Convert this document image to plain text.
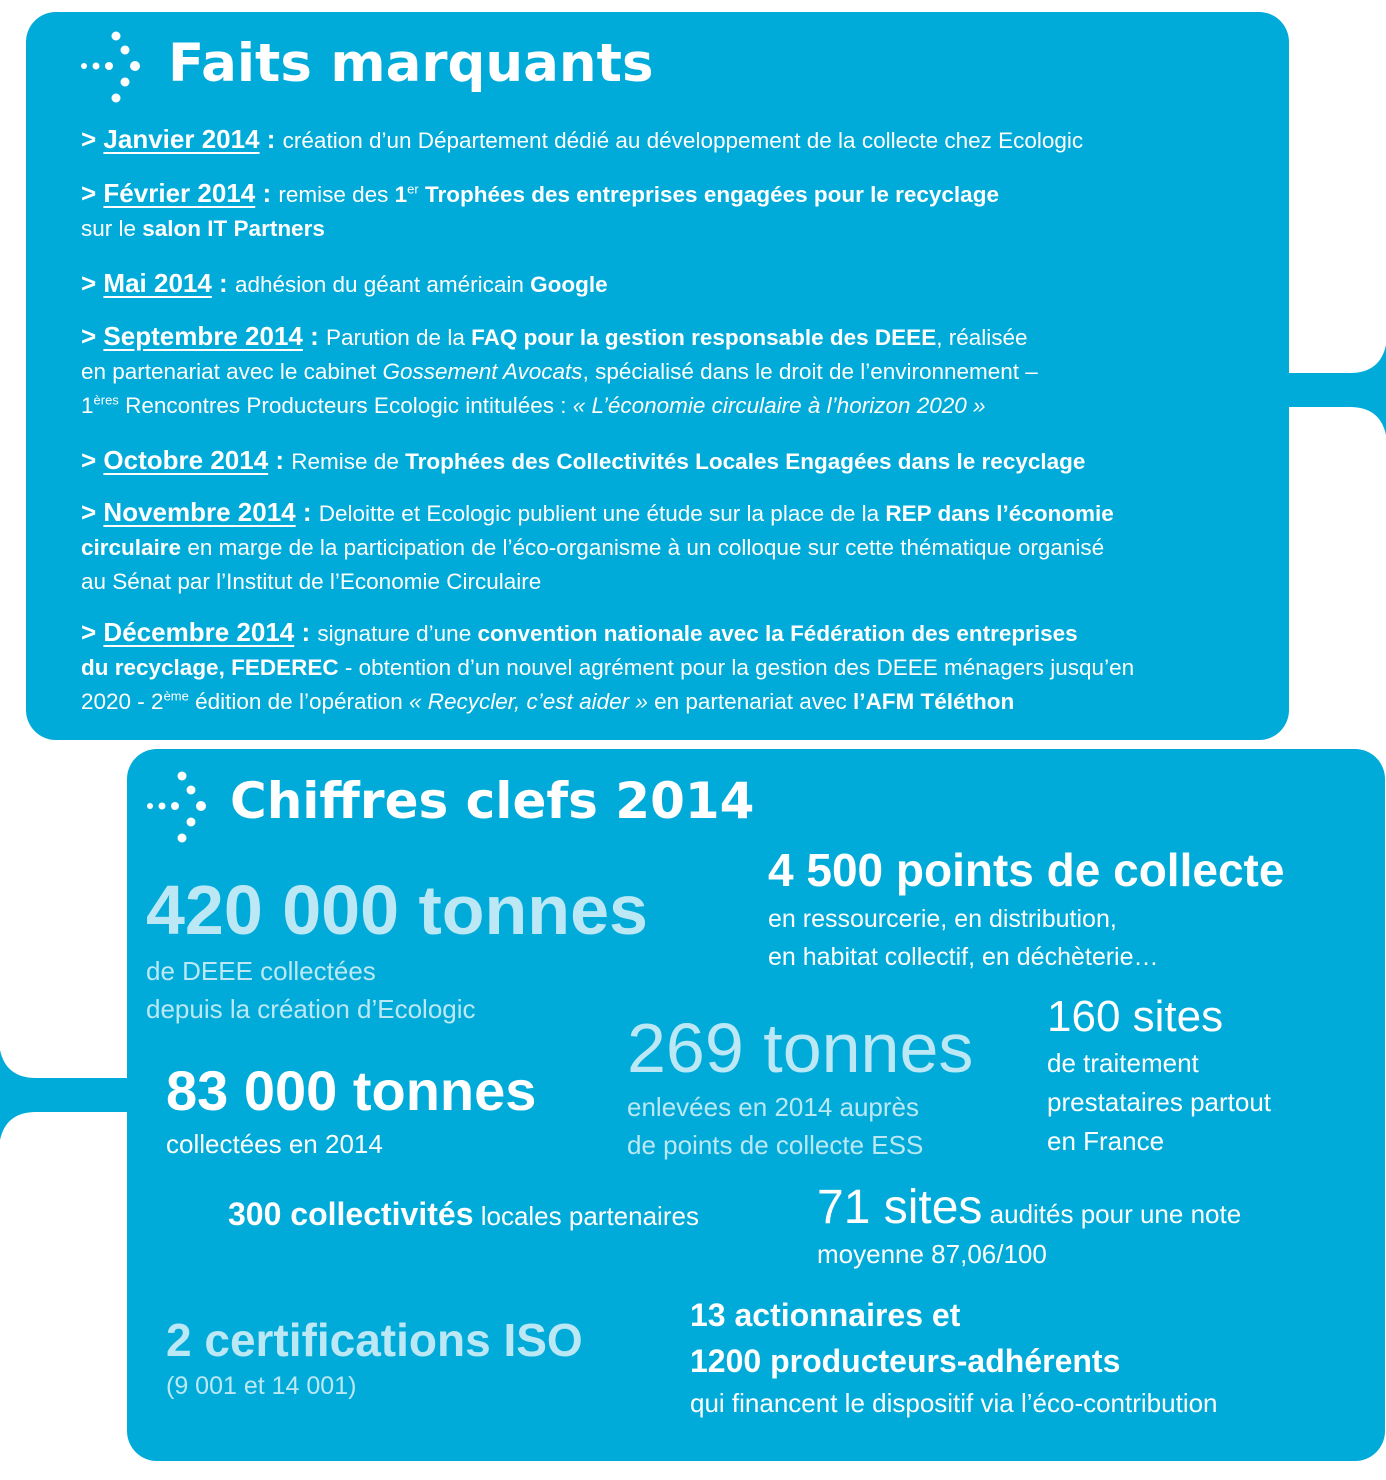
Faits marquants
> Janvier 2014 : création d’un Département dédié au développement de la collecte chez Ecologic
> Février 2014 : remise des 1er Trophées des entreprises engagées pour le recyclage
sur le salon IT Partners
> Mai 2014 : adhésion du géant américain Google
> Septembre 2014 : Parution de la FAQ pour la gestion responsable des DEEE, réalisée
en partenariat avec le cabinet Gossement Avocats, spécialisé dans le droit de l’environnement –
1ères Rencontres Producteurs Ecologic intitulées : « L’économie circulaire à l’horizon 2020 »
> Octobre 2014 : Remise de Trophées des Collectivités Locales Engagées dans le recyclage
> Novembre 2014 : Deloitte et Ecologic publient une étude sur la place de la REP dans l’économie
circulaire en marge de la participation de l’éco-organisme à un colloque sur cette thématique organisé
au Sénat par l’Institut de l’Economie Circulaire
> Décembre 2014 : signature d’une convention nationale avec la Fédération des entreprises
du recyclage, FEDEREC - obtention d’un nouvel agrément pour la gestion des DEEE ménagers jusqu’en
2020 - 2ème édition de l’opération « Recycler, c’est aider » en partenariat avec l’AFM Téléthon
Chiffres clefs 2014
420 000 tonnes
de DEEE collectées
depuis la création d’Ecologic
4 500 points de collecte
en ressourcerie, en distribution,
en habitat collectif, en déchèterie…
269 tonnes
enlevées en 2014 auprès
de points de collecte ESS
160 sites
de traitement
prestataires partout
en France
83 000 tonnes
collectées en 2014
300 collectivités locales partenaires 71 sites audités pour une note
moyenne 87,06/100
2 certifications ISO
(9 001 et 14 001)
13 actionnaires et
1200 producteurs-adhérents
qui financent le dispositif via l’éco-contribution
